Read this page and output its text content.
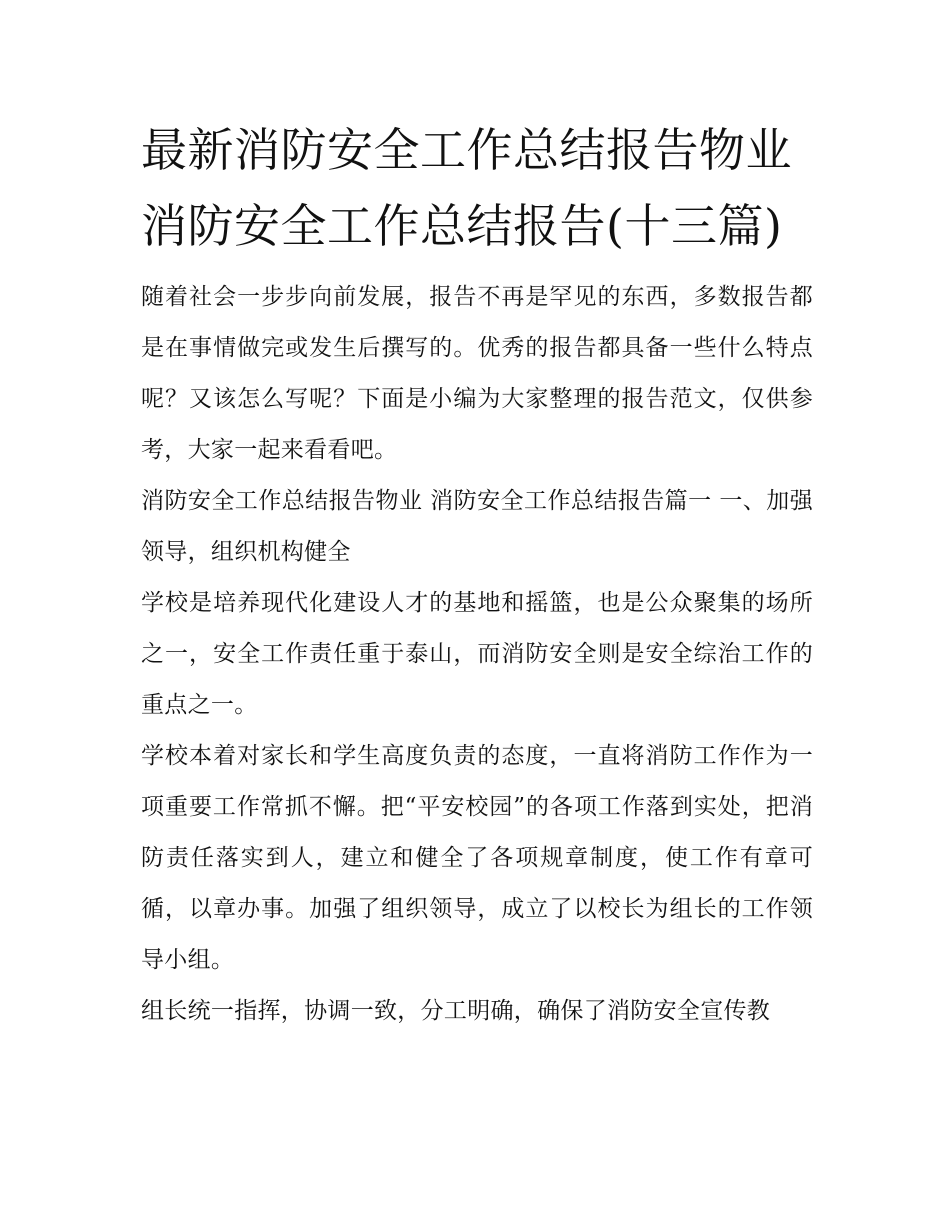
最新消防安全工作总结报告物业 消防安全工作总结报告(十三篇)

随着社会一步步向前发展，报告不再是罕见的东西，多数报告都是在事情做完或发生后撰写的。优秀的报告都具备一些什么特点呢？又该怎么写呢？下面是小编为大家整理的报告范文，仅供参考，大家一起来看看吧。

消防安全工作总结报告物业 消防安全工作总结报告篇一 一、加强领导，组织机构健全

学校是培养现代化建设人才的基地和摇篮，也是公众聚集的场所之一，安全工作责任重于泰山，而消防安全则是安全综治工作的重点之一。

学校本着对家长和学生高度负责的态度，一直将消防工作作为一项重要工作常抓不懈。把“平安校园”的各项工作落到实处，把消防责任落实到人，建立和健全了各项规章制度，使工作有章可循，以章办事。加强了组织领导，成立了以校长为组长的工作领导小组。

组长统一指挥，协调一致，分工明确，确保了消防安全宣传教
